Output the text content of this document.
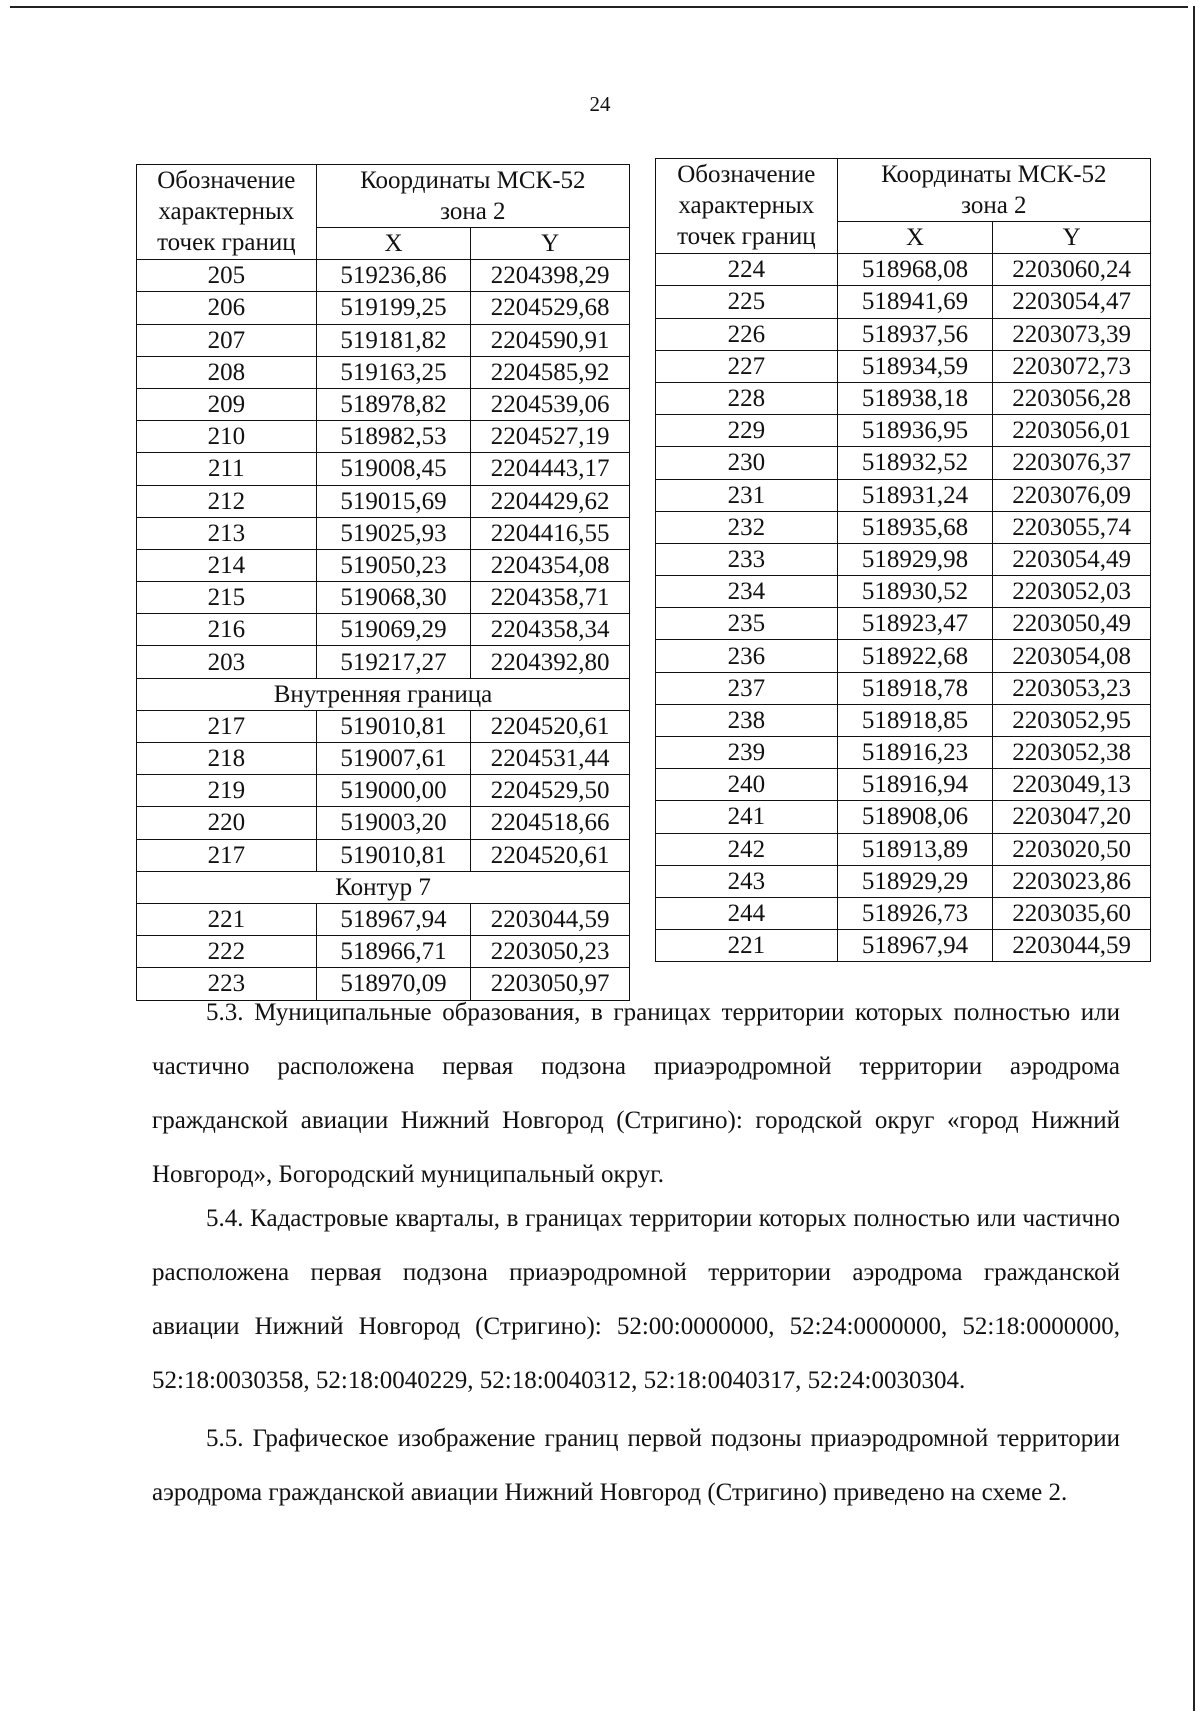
24
Обозначение
характерных
точек границ	Координаты МСК-52
зона 2	
	X	Y
205	519236,86	2204398,29
206	519199,25	2204529,68
207	519181,82	2204590,91
208	519163,25	2204585,92
209	518978,82	2204539,06
210	518982,53	2204527,19
211	519008,45	2204443,17
212	519015,69	2204429,62
213	519025,93	2204416,55
214	519050,23	2204354,08
215	519068,30	2204358,71
216	519069,29	2204358,34
203	519217,27	2204392,80
Внутренняя граница		
217	519010,81	2204520,61
218	519007,61	2204531,44
219	519000,00	2204529,50
220	519003,20	2204518,66
217	519010,81	2204520,61
Контур 7		
221	518967,94	2203044,59
222	518966,71	2203050,23
223	518970,09	2203050,97
Обозначение
характерных
точек границ	Координаты МСК-52
зона 2	
	X	Y
224	518968,08	2203060,24
225	518941,69	2203054,47
226	518937,56	2203073,39
227	518934,59	2203072,73
228	518938,18	2203056,28
229	518936,95	2203056,01
230	518932,52	2203076,37
231	518931,24	2203076,09
232	518935,68	2203055,74
233	518929,98	2203054,49
234	518930,52	2203052,03
235	518923,47	2203050,49
236	518922,68	2203054,08
237	518918,78	2203053,23
238	518918,85	2203052,95
239	518916,23	2203052,38
240	518916,94	2203049,13
241	518908,06	2203047,20
242	518913,89	2203020,50
243	518929,29	2203023,86
244	518926,73	2203035,60
221	518967,94	2203044,59

5.3. Муниципальные образования, в границах территории которых полностью или частично расположена первая подзона приаэродромной территории аэродрома гражданской авиации Нижний Новгород (Стригино): городской округ «город Нижний Новгород», Богородский муниципальный округ.

5.4. Кадастровые кварталы, в границах территории которых полностью или частично расположена первая подзона приаэродромной территории аэродрома гражданской авиации Нижний Новгород (Стригино): 52:00:0000000, 52:24:0000000, 52:18:0000000, 52:18:0030358, 52:18:0040229, 52:18:0040312, 52:18:0040317, 52:24:0030304.

5.5. Графическое изображение границ первой подзоны приаэродромной территории аэродрома гражданской авиации Нижний Новгород (Стригино) приведено на схеме 2.
